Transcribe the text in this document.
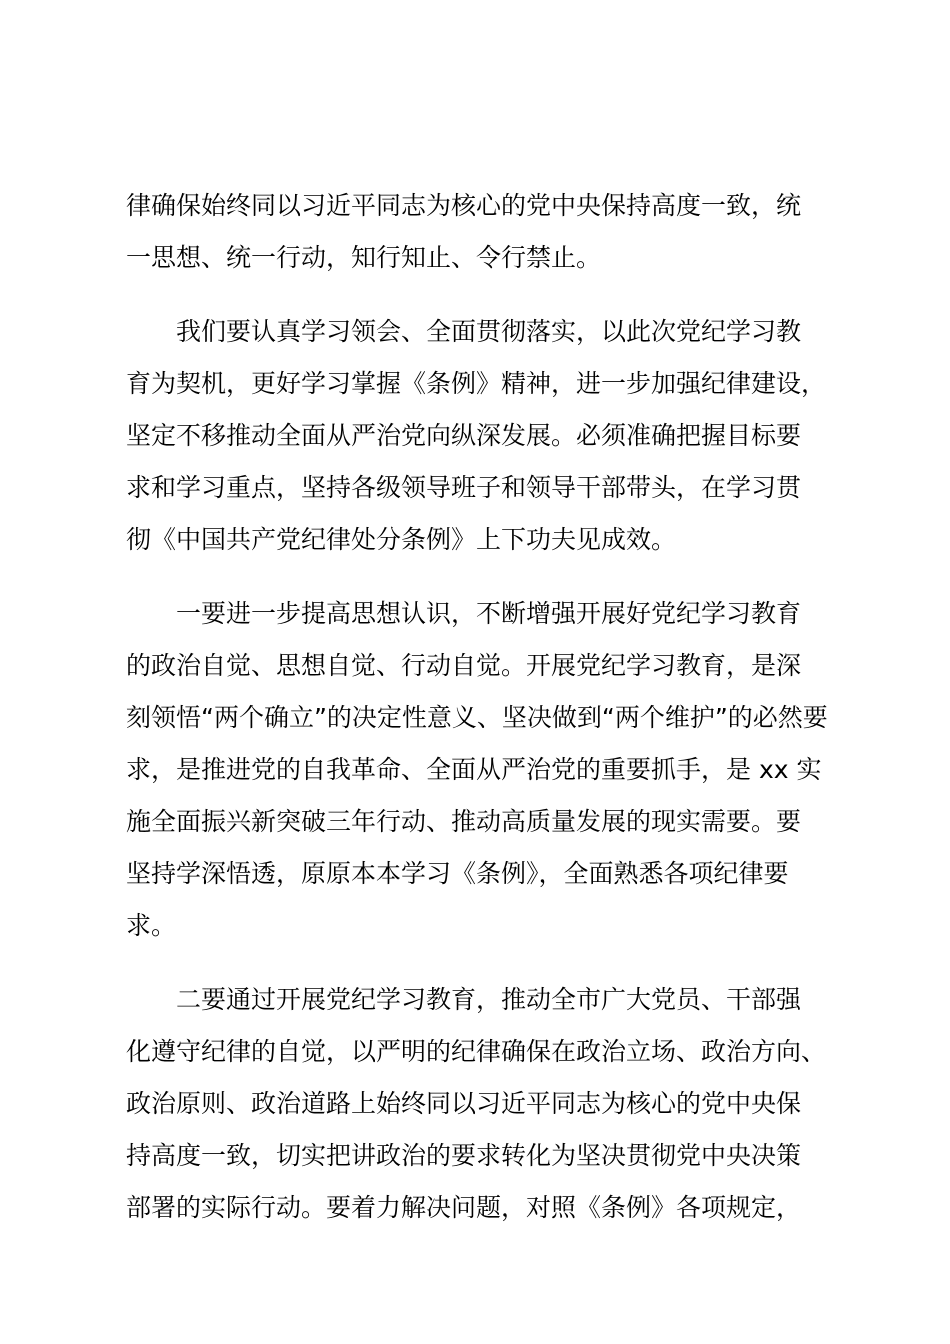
律确保始终同以习近平同志为核心的党中央保持高度一致，统
一思想、统一行动，知行知止、令行禁止。

我们要认真学习领会、全面贯彻落实，以此次党纪学习教
育为契机，更好学习掌握《条例》精神，进一步加强纪律建设，
坚定不移推动全面从严治党向纵深发展。必须准确把握目标要
求和学习重点，坚持各级领导班子和领导干部带头，在学习贯
彻《中国共产党纪律处分条例》上下功夫见成效。

一要进一步提高思想认识，不断增强开展好党纪学习教育
的政治自觉、思想自觉、行动自觉。开展党纪学习教育，是深
刻领悟“两个确立”的决定性意义、坚决做到“两个维护”的必然要
求，是推进党的自我革命、全面从严治党的重要抓手，是 xx 实
施全面振兴新突破三年行动、推动高质量发展的现实需要。要
坚持学深悟透，原原本本学习《条例》，全面熟悉各项纪律要
求。

二要通过开展党纪学习教育，推动全市广大党员、干部强
化遵守纪律的自觉，以严明的纪律确保在政治立场、政治方向、
政治原则、政治道路上始终同以习近平同志为核心的党中央保
持高度一致，切实把讲政治的要求转化为坚决贯彻党中央决策
部署的实际行动。要着力解决问题，对照《条例》各项规定，
